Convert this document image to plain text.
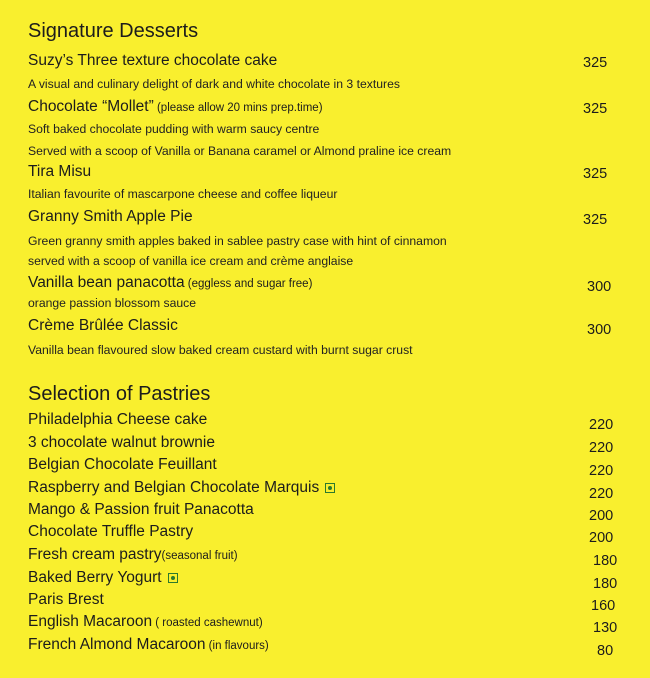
Signature Desserts
Suzy’s Three texture chocolate cake	325
A visual and culinary delight of dark and white chocolate in 3 textures
Chocolate “Mollet” (please allow 20 mins prep.time)	325
Soft baked chocolate pudding with warm saucy centre
Served with a scoop of Vanilla or Banana caramel or Almond praline ice cream
Tira Misu	325
Italian favourite of mascarpone cheese and coffee liqueur
Granny Smith Apple Pie	325
Green granny smith apples baked in sablee pastry case with hint of cinnamon
served with a scoop of vanilla ice cream and crème anglaise
Vanilla bean panacotta (eggless and sugar free)	300
orange passion blossom sauce
Crème Brûlée Classic	300
Vanilla bean flavoured slow baked cream custard with burnt sugar crust
Selection of Pastries
Philadelphia Cheese cake	220
3 chocolate walnut brownie	220
Belgian Chocolate Feuillant	220
Raspberry and Belgian Chocolate Marquis	220
Mango & Passion fruit Panacotta	200
Chocolate Truffle Pastry	200
Fresh cream pastry(seasonal fruit)	180
Baked Berry Yogurt	180
Paris Brest	160
English Macaroon ( roasted cashewnut)	130
French Almond Macaroon (in flavours)	80
